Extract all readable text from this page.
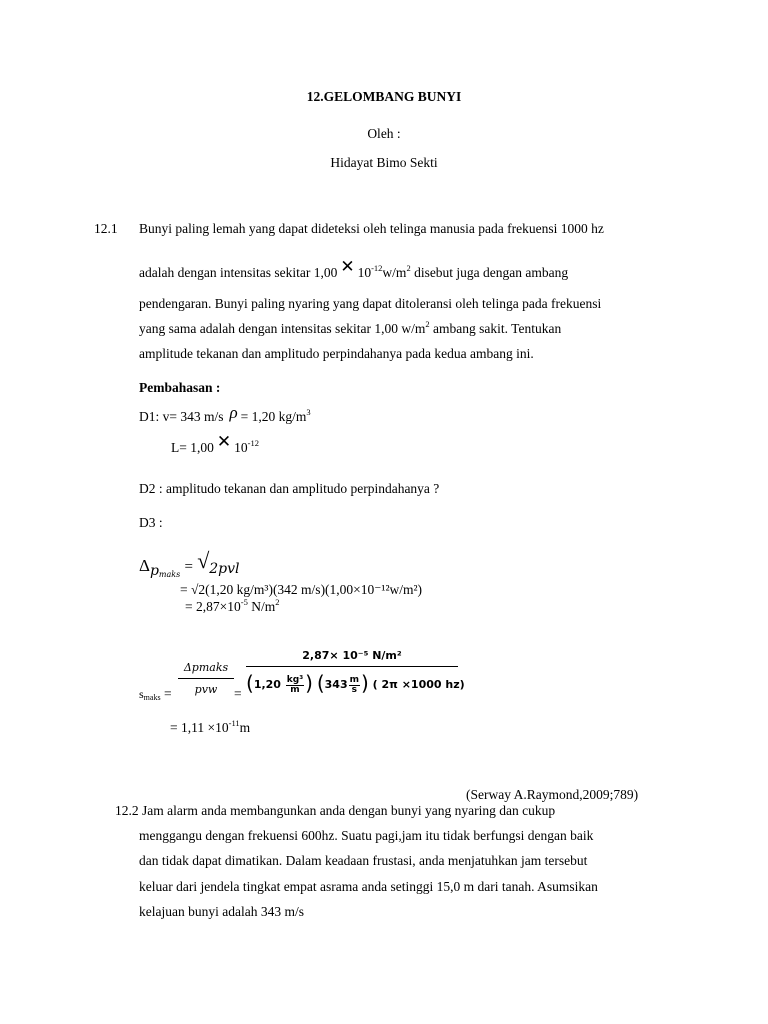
12.GELOMBANG BUNYI
Oleh :
Hidayat Bimo Sekti
12.1 Bunyi paling lemah yang dapat dideteksi oleh telinga manusia pada frekuensi 1000 hz
adalah dengan intensitas sekitar 1,00 ✕ $10^{-12}w/m^2$ disebut juga dengan ambang
pendengaran. Bunyi paling nyaring yang dapat ditoleransi oleh telinga pada frekuensi
yang sama adalah dengan intensitas sekitar 1,00 $w/m^2$ ambang sakit. Tentukan
amplitude tekanan dan amplitudo perpindahanya pada kedua ambang ini.
Pembahasan :
D1: v= 343 m/s ρ = 1,20 $kg/m^3$
L= 1,00 ✕ $10^{-12}$
D2 : amplitudo tekanan dan amplitudo perpindahanya ?
D3 :
$\Delta_{pmaks} = √2pvl$
= √2(1,20 kg/m³)(342 m/s)(1,00×10⁻¹²w/m²)
= $2,87\times 10^{-5}$ $N/m^2$
smaks =
Δpmaks
pvw	=
2,87× 10⁻⁵ N/m²
($1,20 \frac{\text{kg³}}{m}$ ) ($343 \frac{m}{s}$ ) ( 2π ×1000 hz)
= $1,11 \times 10^{-11}m$
(Serway A.Raymond,2009;789)
12.2 Jam alarm anda membangunkan anda dengan bunyi yang nyaring dan cukup
menggangu dengan frekuensi 600hz. Suatu pagi,jam itu tidak berfungsi dengan baik
dan tidak dapat dimatikan. Dalam keadaan frustasi, anda menjatuhkan jam tersebut
keluar dari jendela tingkat empat asrama anda setinggi 15,0 m dari tanah. Asumsikan
kelajuan bunyi adalah 343 m/s
